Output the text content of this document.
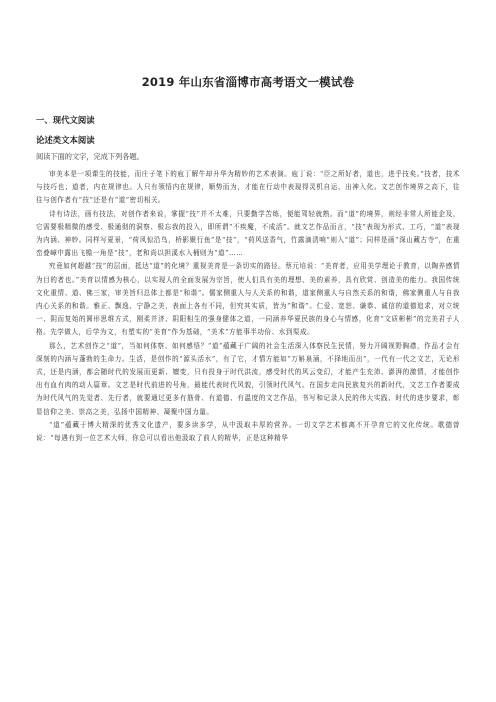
2019 年山东省淄博市高考语文一模试卷
一、现代文阅读
论述类文本阅读
阅读下面的文字，完成下列各题。

审美本是一项课生的技能，而庄子笔下的庖丁解牛却升华为精妙的艺术表演。庖丁说：“臣之所好者，道也，进乎技矣。”技者，技术与技巧也；道者，内在规律也。人只有领悟内在规律，顺势而为，才能在行动中表现得灵机自运、出神入化。文艺创作境界之高下，往往与创作者有“技”还是有“道”密切相关。

诗有诗法，画有技法，对创作者来说，掌握“技”并不太难，只要勤学苦练，便能驾轻就熟。而“道”的境界，则经非常人所能企及，它需要极精微的感受、极通彻的洞察、极忘我的投入，即所谓“不疾魔，不成活”。就文艺作品而言，“技”表现为形式、工巧，“道”表现为内涵、神妙。同样写夏景，“荷风惊沿鸟，桥影聚行鱼”是“技”，“荷风送香气，竹露滴清响”则入“道”；同样是画“深山藏古寺”，在重峦叠嶂中露出飞檐一角是“技”，老和尚以担溪水入桶则为“道”……

究竟如何超越“技”的层面，抵达“道”的化境？重视美育是一条切实的路径。蔡元培说：“美育者，应用美学理论于教育，以陶养感情为目的者也。”美育以情感为核心，以实现人的全面发展为宗旨，使人们具有美的理想、美的素养，具有欣赏、创造美的能力。我国传统文化重情、道、佛三家，审美旨归总体上都是“和谐”。儒家侧重人与人关系的和谐，道家侧重人与自然关系的和谐，佛家侧重人与自我内心关系的和谐。雅正、飘逸、宁静之美，表面上各有不同，但究其实质，皆为“和谐”。仁爱、宽恕、谦恭、诚信的道德追求，对立统一、阴而复始的圆形思维方式，刚柔并济、阴阳相生的强身健体之道，一同涵养华夏民族的身心与情感，化育“文质彬彬”的完美君子人格。先学做人，后学为文，有塑实的“美育”作为基础，“美术”方能事半功倍、水到渠成。

那么，艺术创作之“道”，当如何体察、如何感悟？“道”蕴藏于广阔的社会生活深入体察民生民情，努力开阔视野胸襟，作品才会有深刻的内涵与蓬勃的生命力。生活，是创作的“源头活水”，有了它，才情方能如“万斛泉涌，不择地而出”，一代有一代之文艺，无论形式，还是内涵，都会随时代的发展而更新、嬗变，只有投身于时代洪流，感受时代的风云变幻，才能产生充沛、澎湃的激情，才能创作出有血有肉的动人篇章。文艺是时代前进的号角，最能代表时代风貌，引领时代风气。在国步走向民族复兴的新时代，文艺工作者要成为时代风气的先觉者、先行者，就要通过更多有筋骨、有道德、有温度的文艺作品，书写和记录人民的伟大实践、时代的进步要求，彰显信仰之美、崇高之美，弘扬中国精神、凝聚中国力量。

“道”蕴藏于博大精深的优秀文化遗产，要多读多学，从中汲取丰厚的营养。一切文学艺术都离不开孕育它的文化传统。歌德曾说：“每遇有到一位艺术大师，你总可以看出他汲取了前人的精华，正是这种精华
